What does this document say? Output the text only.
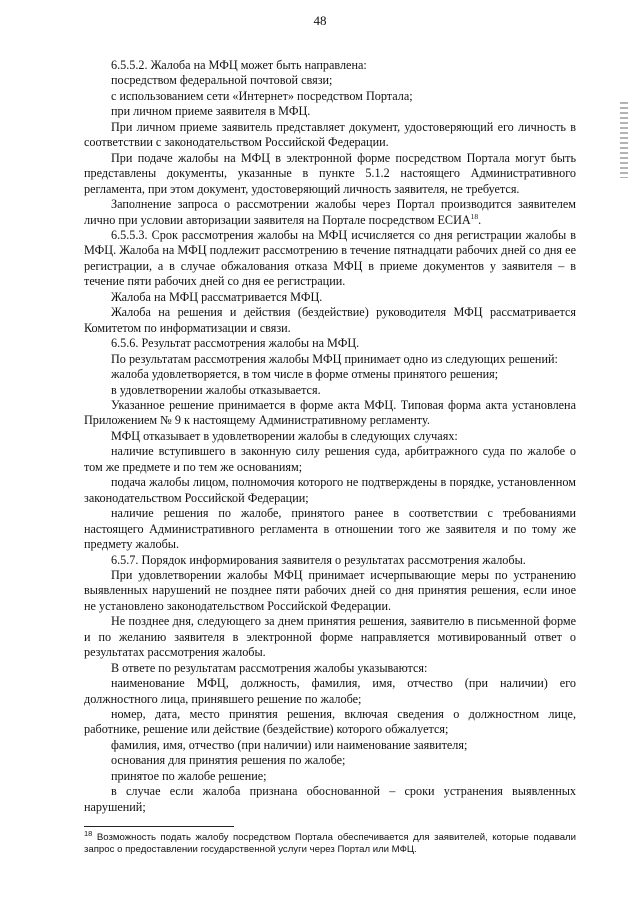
48

6.5.5.2. Жалоба на МФЦ может быть направлена:

посредством федеральной почтовой связи;

с использованием сети «Интернет» посредством Портала;

при личном приеме заявителя в МФЦ.

При личном приеме заявитель представляет документ, удостоверяющий его личность в соответствии с законодательством Российской Федерации.

При подаче жалобы на МФЦ в электронной форме посредством Портала могут быть представлены документы, указанные в пункте 5.1.2 настоящего Административного регламента, при этом документ, удостоверяющий личность заявителя, не требуется.

Заполнение запроса о рассмотрении жалобы через Портал производится заявителем лично при условии авторизации заявителя на Портале посредством ЕСИА$^{18}$.

6.5.5.3. Срок рассмотрения жалобы на МФЦ исчисляется со дня регистрации жалобы в МФЦ. Жалоба на МФЦ подлежит рассмотрению в течение пятнадцати рабочих дней со дня ее регистрации, а в случае обжалования отказа МФЦ в приеме документов у заявителя – в течение пяти рабочих дней со дня ее регистрации.

Жалоба на МФЦ рассматривается МФЦ.

Жалоба на решения и действия (бездействие) руководителя МФЦ рассматривается Комитетом по информатизации и связи.

6.5.6. Результат рассмотрения жалобы на МФЦ.

По результатам рассмотрения жалобы МФЦ принимает одно из следующих решений:

жалоба удовлетворяется, в том числе в форме отмены принятого решения;

в удовлетворении жалобы отказывается.

Указанное решение принимается в форме акта МФЦ. Типовая форма акта установлена Приложением № 9 к настоящему Административному регламенту.

МФЦ отказывает в удовлетворении жалобы в следующих случаях:

наличие вступившего в законную силу решения суда, арбитражного суда по жалобе о том же предмете и по тем же основаниям;

подача жалобы лицом, полномочия которого не подтверждены в порядке, установленном законодательством Российской Федерации;

наличие решения по жалобе, принятого ранее в соответствии с требованиями настоящего Административного регламента в отношении того же заявителя и по тому же предмету жалобы.

6.5.7. Порядок информирования заявителя о результатах рассмотрения жалобы.

При удовлетворении жалобы МФЦ принимает исчерпывающие меры по устранению выявленных нарушений не позднее пяти рабочих дней со дня принятия решения, если иное не установлено законодательством Российской Федерации.

Не позднее дня, следующего за днем принятия решения, заявителю в письменной форме и по желанию заявителя в электронной форме направляется мотивированный ответ о результатах рассмотрения жалобы.

В ответе по результатам рассмотрения жалобы указываются:

наименование МФЦ, должность, фамилия, имя, отчество (при наличии) его должностного лица, принявшего решение по жалобе;

номер, дата, место принятия решения, включая сведения о должностном лице, работнике, решение или действие (бездействие) которого обжалуется;

фамилия, имя, отчество (при наличии) или наименование заявителя;

основания для принятия решения по жалобе;

принятое по жалобе решение;

в случае если жалоба признана обоснованной – сроки устранения выявленных нарушений;

$^{18}$ Возможность подать жалобу посредством Портала обеспечивается для заявителей, которые подавали запрос о предоставлении государственной услуги через Портал или МФЦ.
